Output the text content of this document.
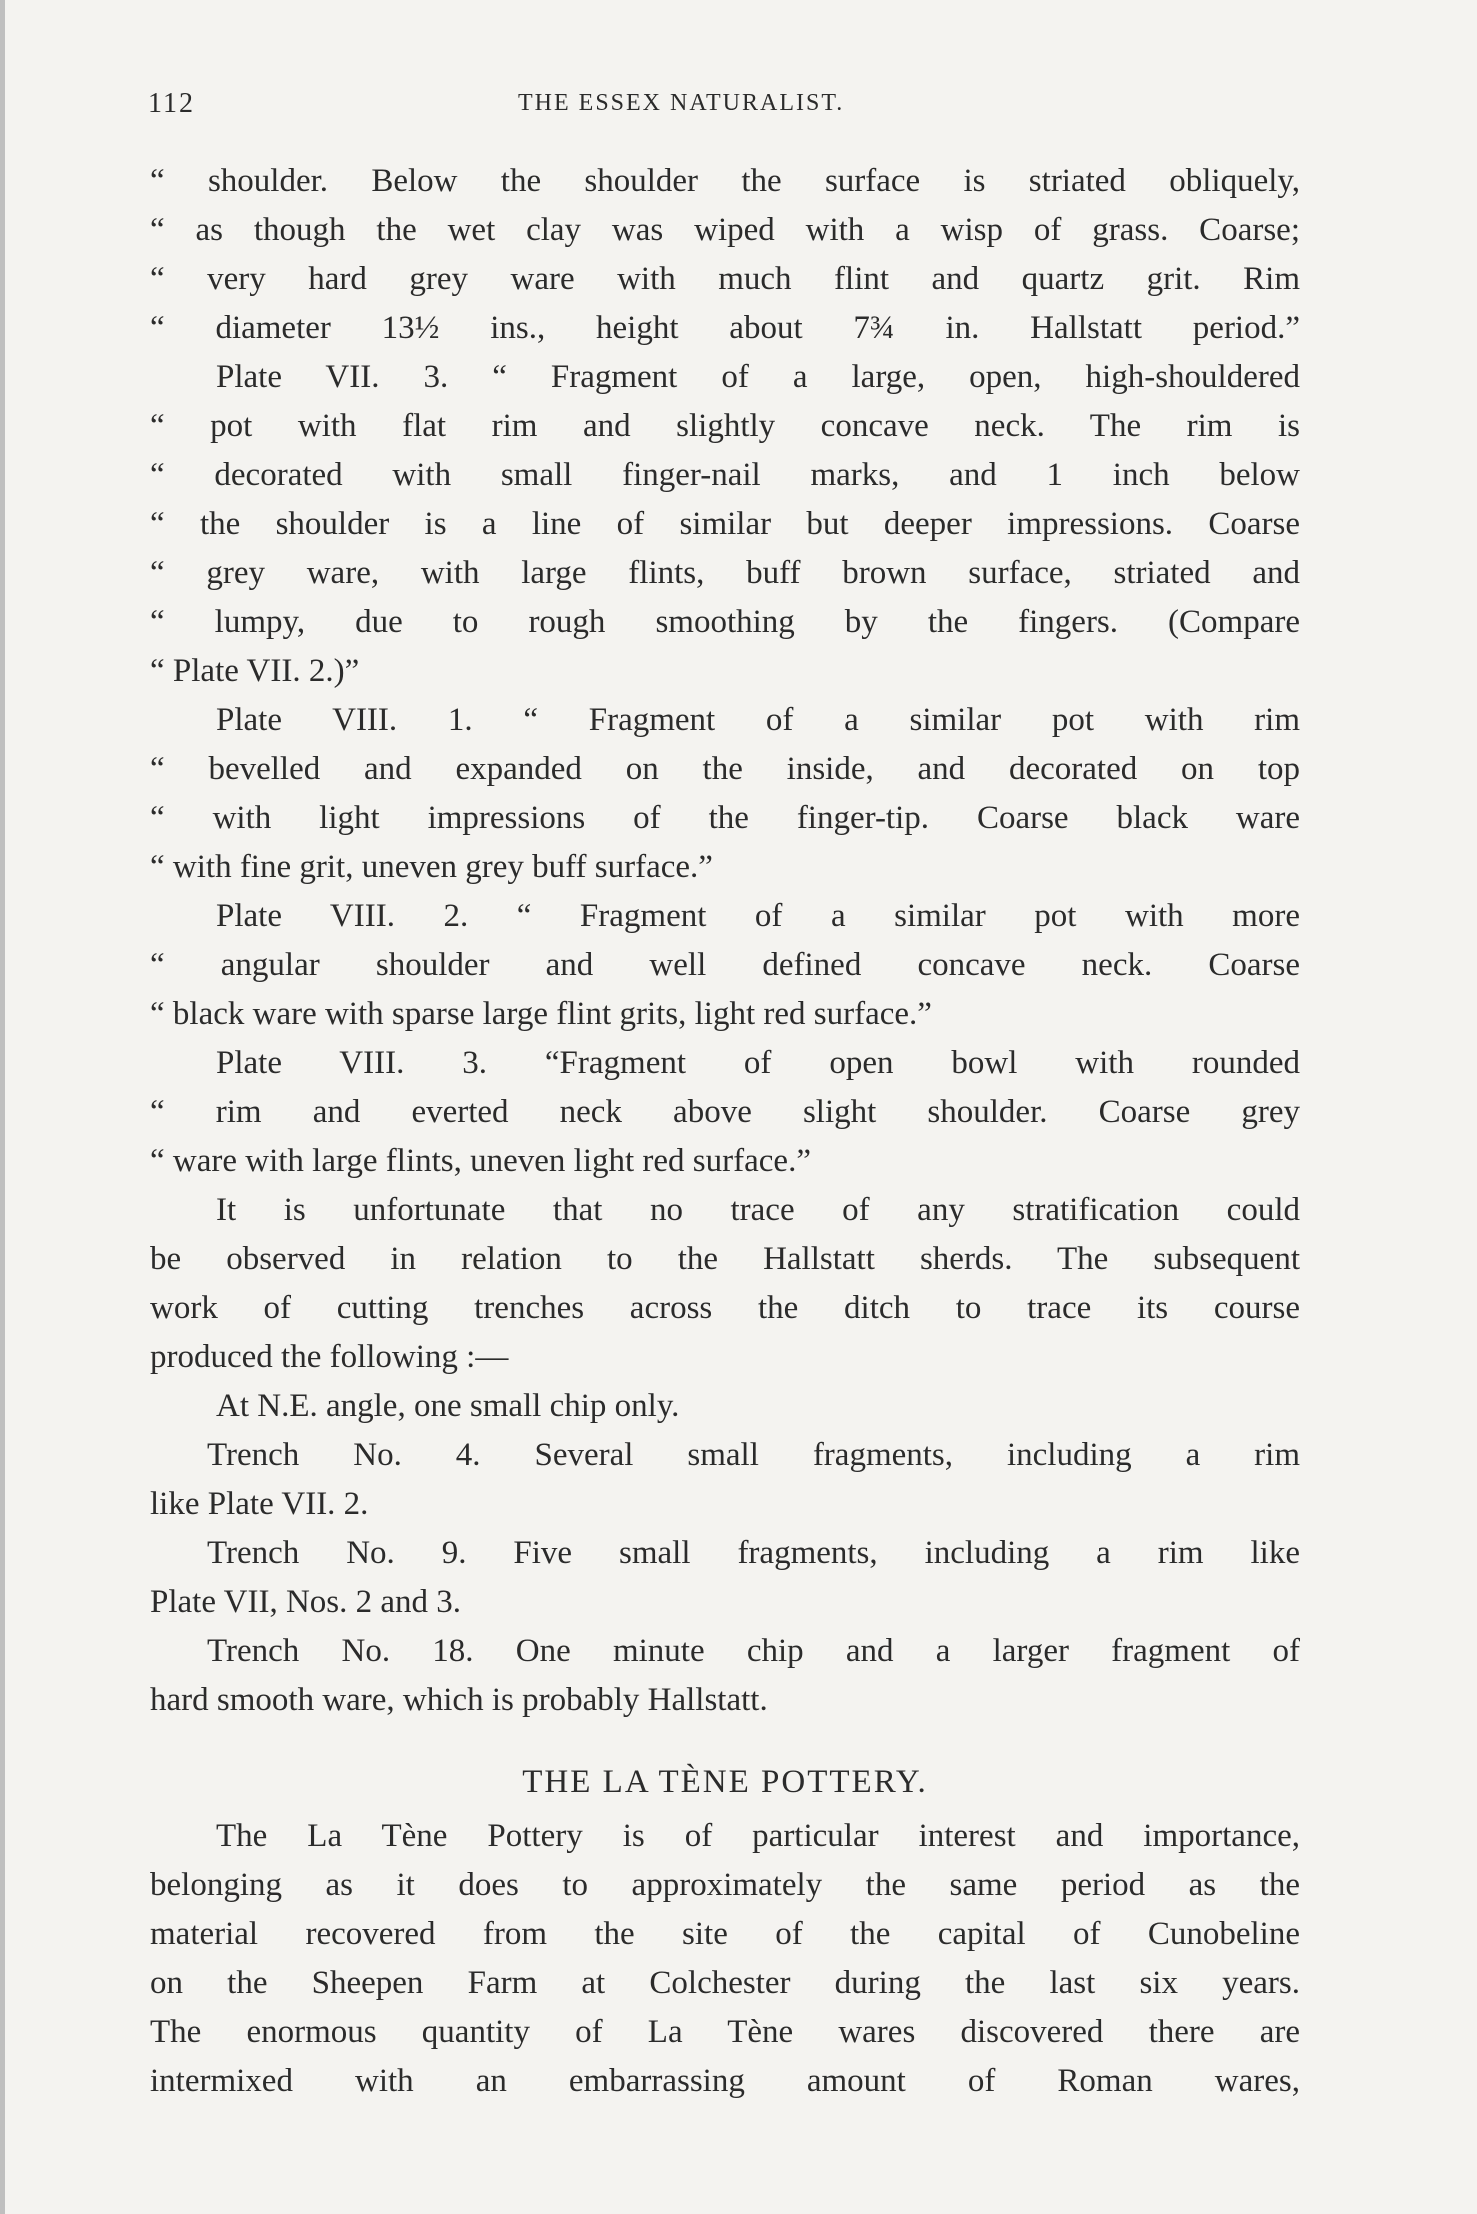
112	THE ESSEX NATURALIST.
“ shoulder. Below the shoulder the surface is striated obliquely,
“ as though the wet clay was wiped with a wisp of grass. Coarse;
“ very hard grey ware with much flint and quartz grit. Rim
“ diameter 13½ ins., height about 7¾ in. Hallstatt period.”
Plate VII. 3. “ Fragment of a large, open, high-shouldered
“ pot with flat rim and slightly concave neck. The rim is
“ decorated with small finger-nail marks, and 1 inch below
“ the shoulder is a line of similar but deeper impressions. Coarse
“ grey ware, with large flints, buff brown surface, striated and
“ lumpy, due to rough smoothing by the fingers. (Compare
“ Plate VII. 2.)”
Plate VIII. 1. “ Fragment of a similar pot with rim
“ bevelled and expanded on the inside, and decorated on top
“ with light impressions of the finger-tip. Coarse black ware
“ with fine grit, uneven grey buff surface.”
Plate VIII. 2. “ Fragment of a similar pot with more
“ angular shoulder and well defined concave neck. Coarse
“ black ware with sparse large flint grits, light red surface.”
Plate VIII. 3. “Fragment of open bowl with rounded
“ rim and everted neck above slight shoulder. Coarse grey
“ ware with large flints, uneven light red surface.”
It is unfortunate that no trace of any stratification could
be observed in relation to the Hallstatt sherds. The subsequent
work of cutting trenches across the ditch to trace its course
produced the following :—
At N.E. angle, one small chip only.
Trench No. 4. Several small fragments, including a rim
like Plate VII. 2.
Trench No. 9. Five small fragments, including a rim like
Plate VII, Nos. 2 and 3.
Trench No. 18. One minute chip and a larger fragment of
hard smooth ware, which is probably Hallstatt.
THE LA TÈNE POTTERY.
The La Tène Pottery is of particular interest and importance,
belonging as it does to approximately the same period as the
material recovered from the site of the capital of Cunobeline
on the Sheepen Farm at Colchester during the last six years.
The enormous quantity of La Tène wares discovered there are
intermixed with an embarrassing amount of Roman wares,
